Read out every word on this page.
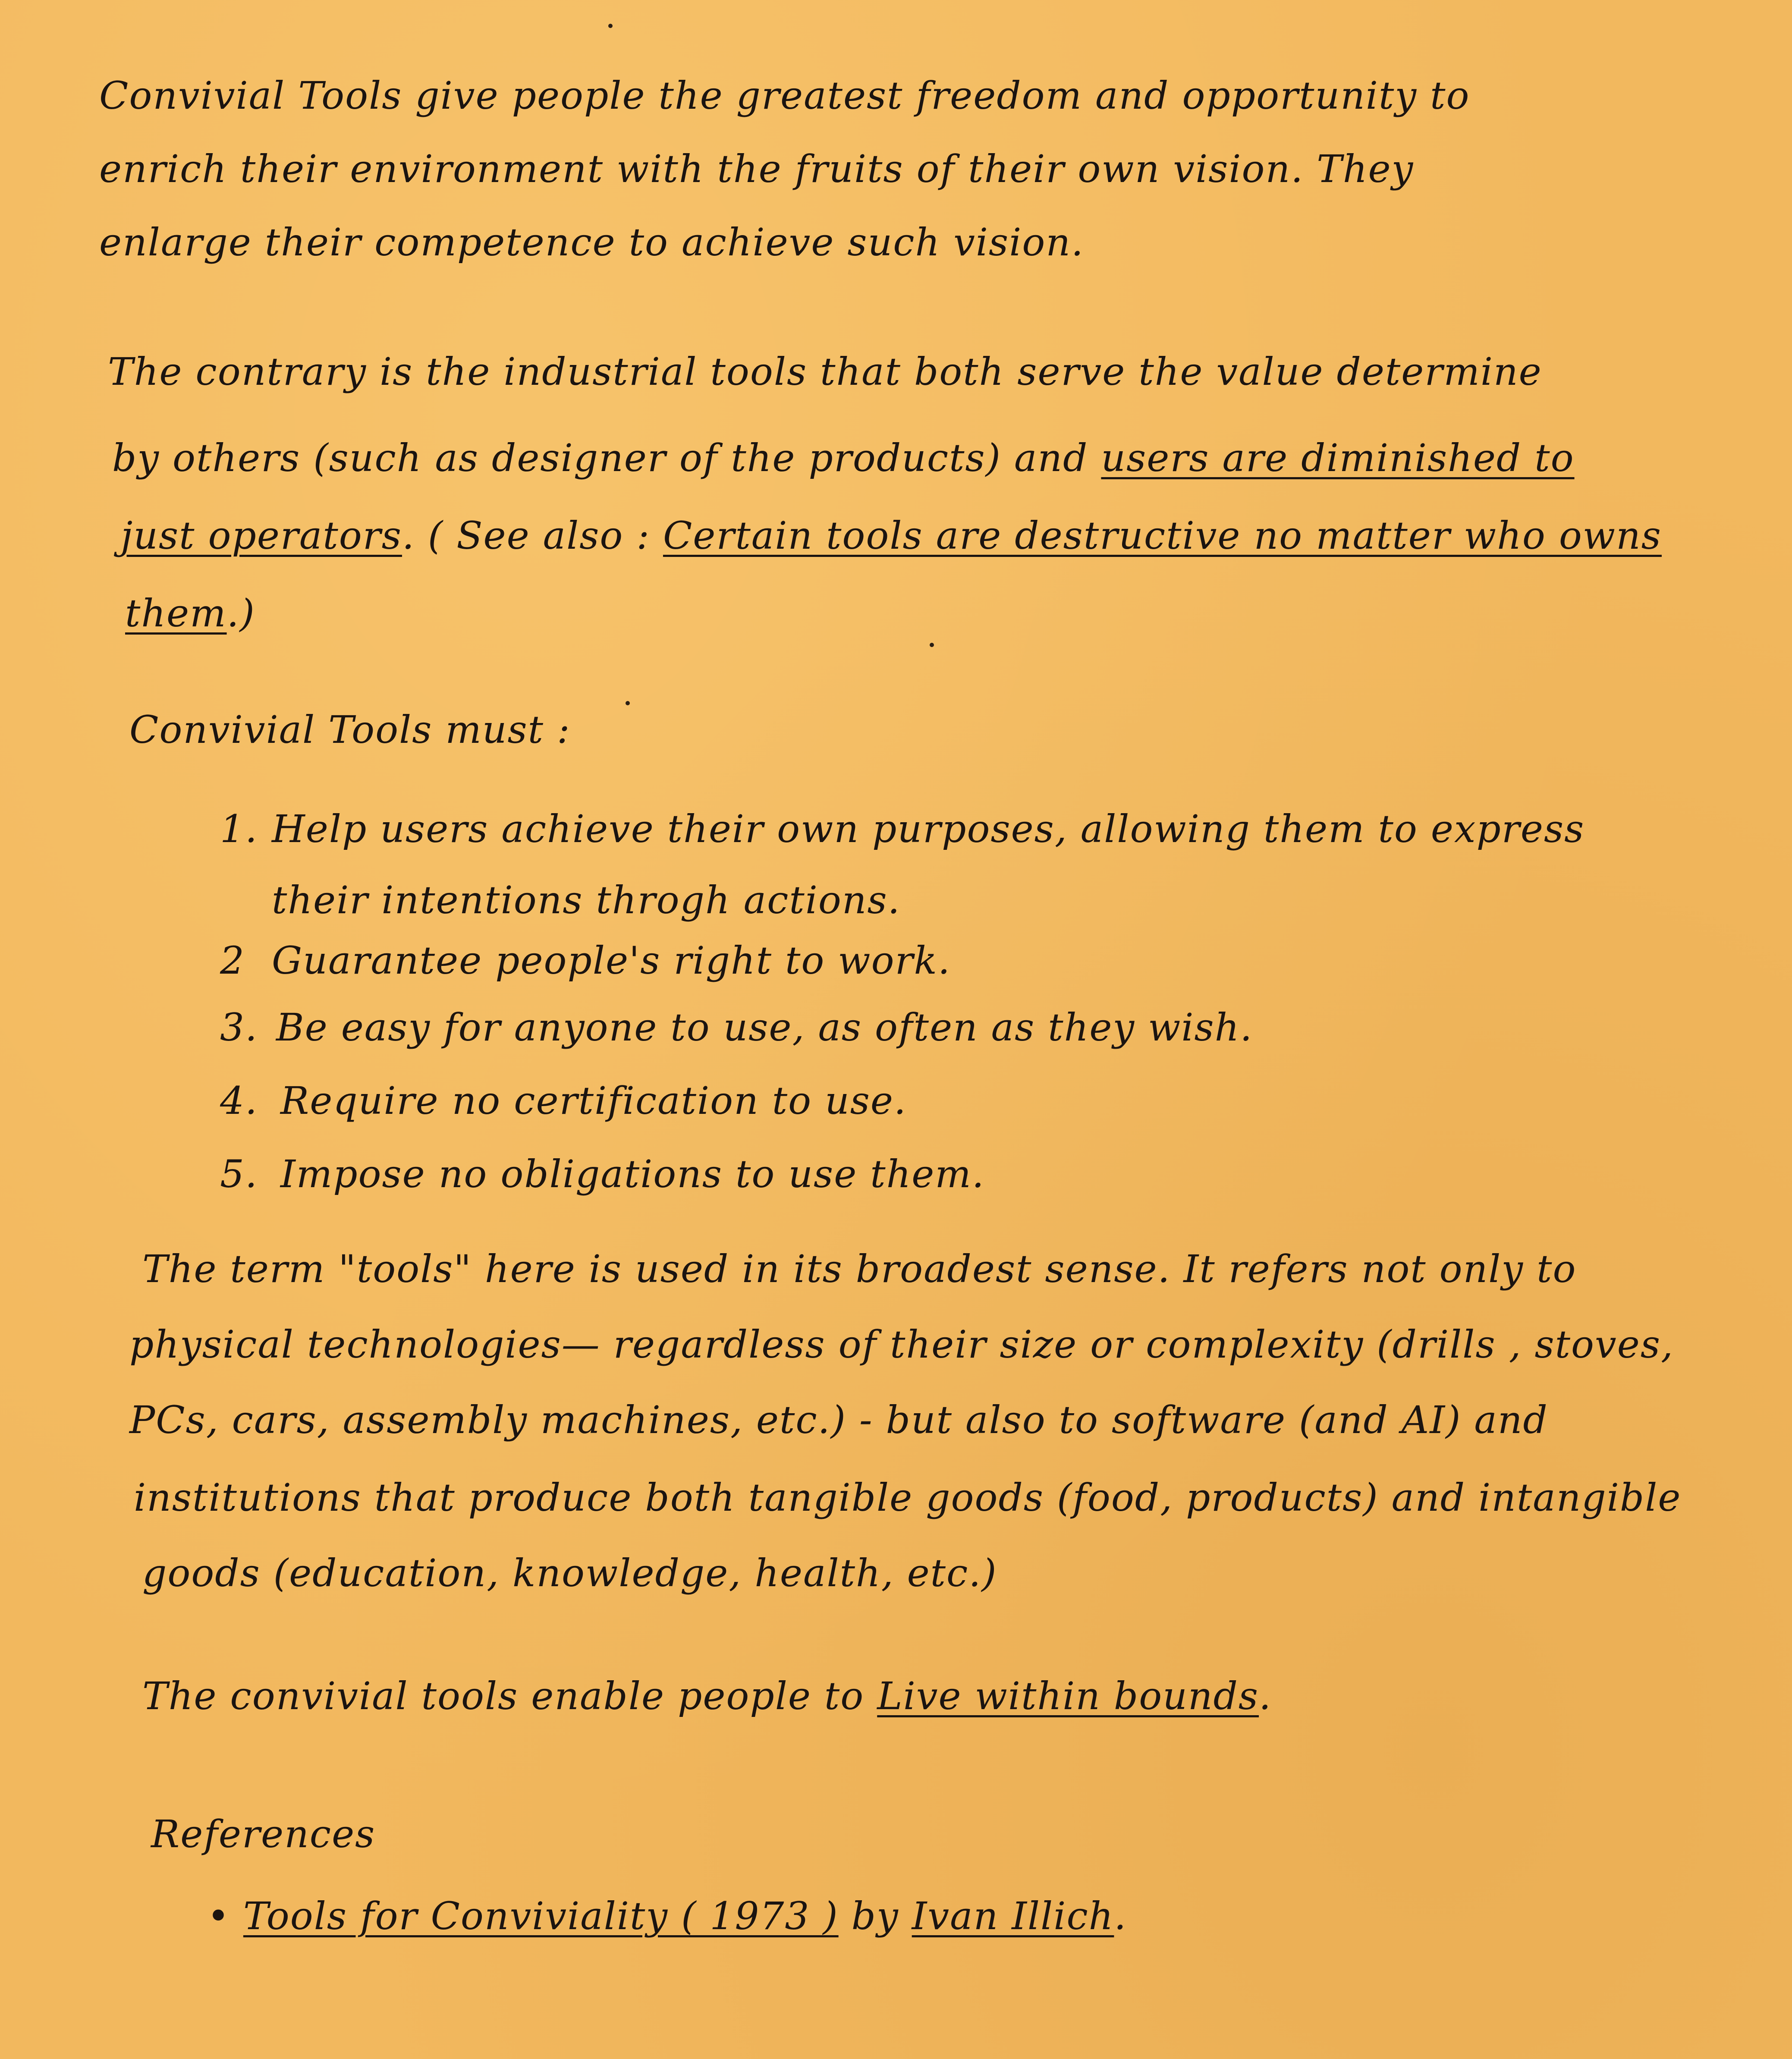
Convivial Tools give people the greatest freedom and opportunity to
enrich their environment with the fruits of their own vision. They
enlarge their competence to achieve such vision.
The contrary is the industrial tools that both serve the value determine
by others (such as designer of the products) and users are diminished to
just operators. ( See also : Certain tools are destructive no matter who owns
them.)
Convivial Tools must :
1. Help users achieve their own purposes, allowing them to express
their intentions throgh actions.
2 Guarantee people's right to work.
3. Be easy for anyone to use, as often as they wish.
4. Require no certification to use.
5. Impose no obligations to use them.
The term "tools" here is used in its broadest sense. It refers not only to
physical technologies— regardless of their size or complexity (drills , stoves,
PCs, cars, assembly machines, etc.) - but also to software (and AI) and
institutions that produce both tangible goods (food, products) and intangible
goods (education, knowledge, health, etc.)
The convivial tools enable people to Live within bounds.
References
• Tools for Conviviality ( 1973 ) by Ivan Illich.
